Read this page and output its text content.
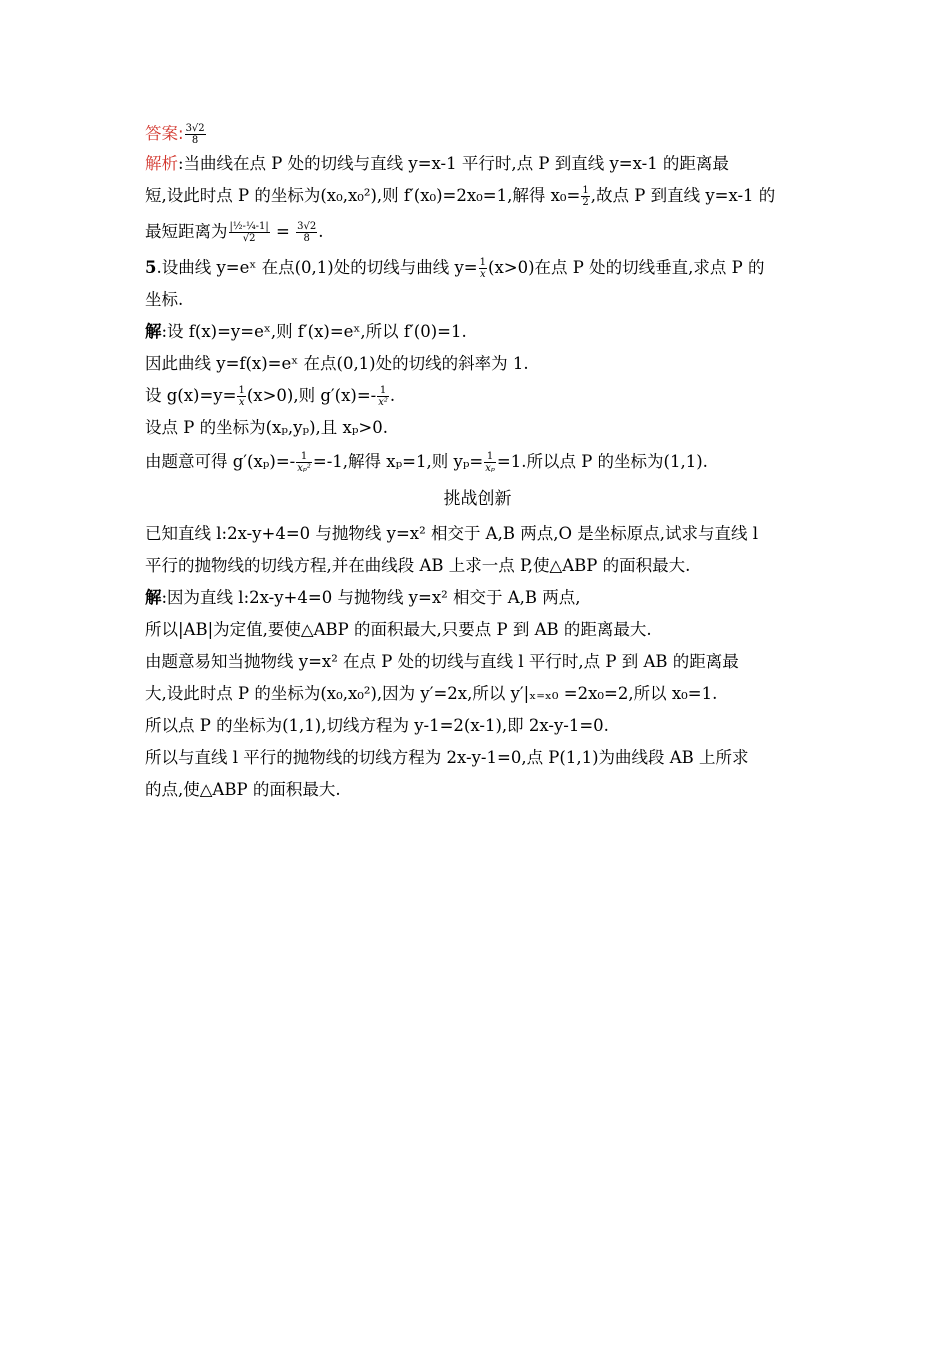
答案: $\frac{3√2}{8}$
解析:当曲线在点 P 处的切线与直线 y=x-1 平行时,点 P 到直线 y=x-1 的距离最
短,设此时点 P 的坐标为(x₀,x₀²),则 f′(x₀)=2x₀=1,解得 $x_0= \frac{1}{2}$ ,故点 P 到直线 y=x-1 的
最短距离为 $\frac{\text{|½-¼-1|}}{√2} = \frac{3√2}{8}$ .
5.设曲线 y=eˣ 在点(0,1)处的切线与曲线 $y= \frac{1}{x} (x>0)$在点 P 处的切线垂直,求点 P 的
坐标.
解:设 f(x)=y=eˣ,则 f′(x)=eˣ,所以 f′(0)=1.
因此曲线 y=f(x)=eˣ 在点(0,1)处的切线的斜率为 1.
设 $g(x)=y= \frac{1}{x} (x>0)$,则 $g'(x)=- \frac{1}{\text{x²}}$ .
设点 P 的坐标为(xₚ,yₚ),且 xₚ>0.
由题意可得 $g'(x_p)=- \frac{1}{\text{xₚ²}} =-1$,解得 xₚ=1,则 $y_p= \frac{1}{\text{xₚ}} =1$.所以点 P 的坐标为(1,1).
挑战创新
已知直线 l:2x-y+4=0 与抛物线 y=x² 相交于 A,B 两点,O 是坐标原点,试求与直线 l
平行的抛物线的切线方程,并在曲线段 AB 上求一点 P,使△ABP 的面积最大.
解:因为直线 l:2x-y+4=0 与抛物线 y=x² 相交于 A,B 两点,
所以|AB|为定值,要使△ABP 的面积最大,只要点 P 到 AB 的距离最大.
由题意易知当抛物线 y=x² 在点 P 处的切线与直线 l 平行时,点 P 到 AB 的距离最
大,设此时点 P 的坐标为(x₀,x₀²),因为 y′=2x,所以 y′|ₓ₌ₓ₀ =2x₀=2,所以 x₀=1.
所以点 P 的坐标为(1,1),切线方程为 y-1=2(x-1),即 2x-y-1=0.
所以与直线 l 平行的抛物线的切线方程为 2x-y-1=0,点 P(1,1)为曲线段 AB 上所求
的点,使△ABP 的面积最大.
